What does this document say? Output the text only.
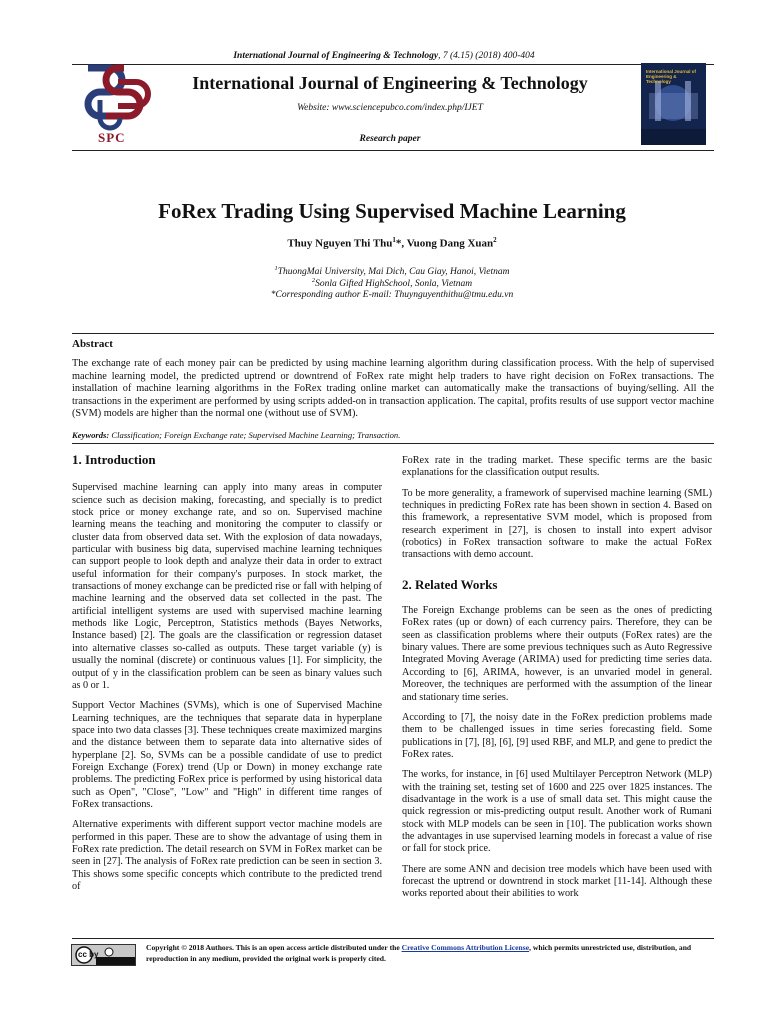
International Journal of Engineering & Technology, 7 (4.15) (2018) 400-404
SPC
International Journal of Engineering & Technology
Website: www.sciencepubco.com/index.php/IJET
Research paper
International Journal of Engineering & Technology
FoRex Trading Using Supervised Machine Learning
Thuy Nguyen Thi Thu$^1$*, Vuong Dang Xuan$^2$
$^1$ThuongMai University, Mai Dich, Cau Giay, Hanoi, Vietnam
$^2$Sonla Gifted HighSchool, Sonla, Vietnam
*Corresponding author E-mail: Thuynguyenthithu@tmu.edu.vn
Abstract
The exchange rate of each money pair can be predicted by using machine learning algorithm during classification process. With the help of supervised machine learning model, the predicted uptrend or downtrend of FoRex rate might help traders to have right decision on FoRex transactions. The installation of machine learning algorithms in the FoRex trading online market can automatically make the transactions of buying/selling. All the transactions in the experiment are performed by using scripts added-on in transaction application. The capital, profits results of use support vector machine (SVM) models are higher than the normal one (without use of SVM).
Keywords: Classification; Foreign Exchange rate; Supervised Machine Learning; Transaction.
1. Introduction

Supervised machine learning can apply into many areas in computer science such as decision making, forecasting, and specially is to predict stock price or money exchange rate, and so on. Supervised machine learning means the teaching and monitoring the computer to classify or cluster data from observed data set. With the explosion of data nowadays, particular with business big data, supervised machine learning techniques can support people to look depth and analyze their data in order to extract useful information for their company's purposes. In stock market, the transactions of money exchange can be predicted rise or fall with helping of machine learning and the observed data set collected in the past. The artificial intelligent systems are used with supervised machine learning methods like Logic, Perceptron, Statistics methods (Bayes Networks, Instance based) [2]. The goals are the classification or regression dataset into alternative classes so-called as outputs. These target variable (y) is usually the nominal (discrete) or continuous values [1]. For simplicity, the output of y in the classification problem can be seen as binary values such as 0 or 1.

Support Vector Machines (SVMs), which is one of Supervised Machine Learning techniques, are the techniques that separate data in hyperplane space into two data classes [3]. These techniques create maximized margins and the distance between them to separate data into alternative sides of hyperplane [2]. So, SVMs can be a possible candidate of use to predict Foreign Exchange (Forex) trend (Up or Down) in money exchange rate problems. The predicting FoRex price is performed by using historical data such as Open", "Close", "Low" and "High" in different time ranges of FoRex transactions.

Alternative experiments with different support vector machine models are performed in this paper. These are to show the advantage of using them in FoRex rate prediction. The detail research on SVM in FoRex market can be seen in [27]. The analysis of FoRex rate prediction can be seen in section 3. This shows some specific concepts which contribute to the predicted trend of

FoRex rate in the trading market. These specific terms are the basic explanations for the classification output results.

To be more generality, a framework of supervised machine learning (SML) techniques in predicting FoRex rate has been shown in section 4. Based on this framework, a representative SVM model, which is proposed from research experiment in [27], is chosen to install into expert advisor (robotics) in FoRex transaction software to make the actual FoRex transactions with demo account.

2. Related Works

The Foreign Exchange problems can be seen as the ones of predicting FoRex rates (up or down) of each currency pairs. Therefore, they can be seen as classification problems where their outputs (FoRex rates) are the binary values. There are some previous techniques such as Auto Regressive Integrated Moving Average (ARIMA) used for predicting time series data. According to [6], ARIMA, however, is an unvaried model in general. Moreover, the techniques are performed with the assumption of the linear and stationary time series.

According to [7], the noisy date in the FoRex prediction problems made them to be challenged issues in time series forecasting field. Some publications in [7], [8], [6], [9] used RBF, and MLP, and gene to predict the FoRex rates.

The works, for instance, in [6] used Multilayer Perceptron Network (MLP) with the training set, testing set of 1600 and 225 over 1825 instances. The disadvantage in the work is a use of small data set. This might cause the quick regression or mis-predicting output result. Another work of Rumani stock with MLP models can be seen in [10]. The publication works shown the advantages in use supervised learning models in forecast a value of rise or fall for stock price.

There are some ANN and decision tree models which have been used with forecast the uptrend or downtrend in stock market [11-14]. Although these works reported about their abilities to work

cc by
Copyright © 2018 Authors. This is an open access article distributed under the Creative Commons Attribution License, which permits unrestricted use, distribution, and reproduction in any medium, provided the original work is properly cited.
